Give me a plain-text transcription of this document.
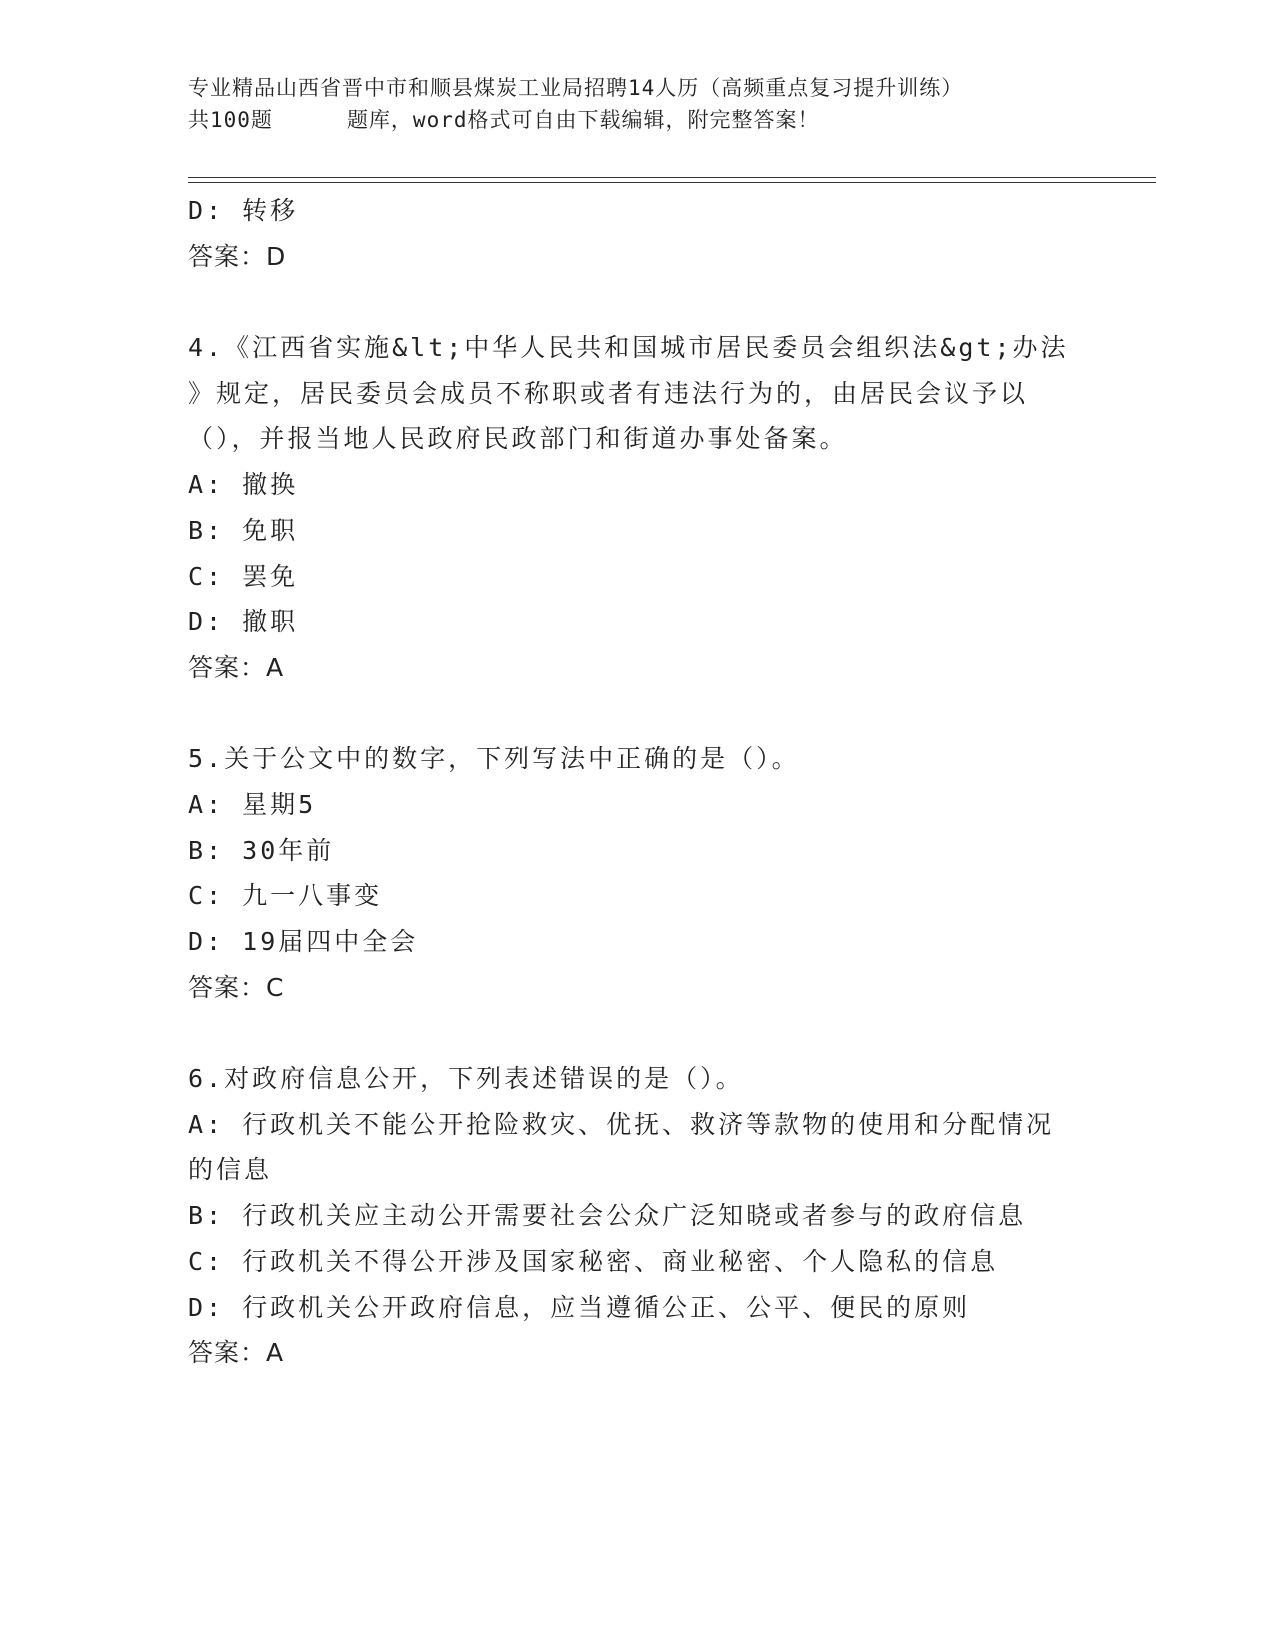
专业精品山西省晋中市和顺县煤炭工业局招聘14人历（高频重点复习提升训练）
共100题	题库，word格式可自由下载编辑，附完整答案！
D: 转移
答案：D
4.《江西省实施&lt;中华人民共和国城市居民委员会组织法&gt;办法
》规定，居民委员会成员不称职或者有违法行为的，由居民会议予以
（），并报当地人民政府民政部门和街道办事处备案。
A: 撤换
B: 免职
C: 罢免
D: 撤职
答案：A
5.关于公文中的数字，下列写法中正确的是（）。
A: 星期5
B: 30年前
C: 九一八事变
D: 19届四中全会
答案：C
6.对政府信息公开，下列表述错误的是（）。
A: 行政机关不能公开抢险救灾、优抚、救济等款物的使用和分配情况
的信息
B: 行政机关应主动公开需要社会公众广泛知晓或者参与的政府信息
C: 行政机关不得公开涉及国家秘密、商业秘密、个人隐私的信息
D: 行政机关公开政府信息，应当遵循公正、公平、便民的原则
答案：A
